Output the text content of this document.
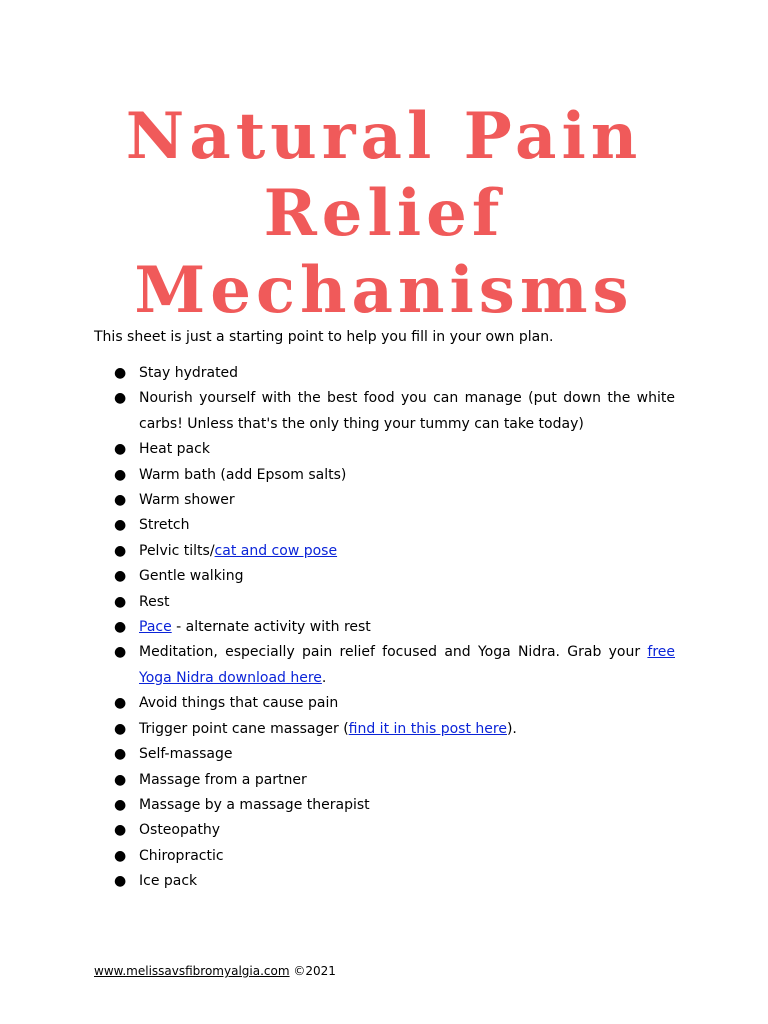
Natural Pain
Relief
Mechanisms

This sheet is just a starting point to help you fill in your own plan.

● Stay hydrated
● Nourish yourself with the best food you can manage (put down the white carbs! Unless that's the only thing your tummy can take today)
● Heat pack
● Warm bath (add Epsom salts)
● Warm shower
● Stretch
● Pelvic tilts/cat and cow pose
● Gentle walking
● Rest
● Pace - alternate activity with rest
● Meditation, especially pain relief focused and Yoga Nidra. Grab your free Yoga Nidra download here.
● Avoid things that cause pain
● Trigger point cane massager (find it in this post here).
● Self-massage
● Massage from a partner
● Massage by a massage therapist
● Osteopathy
● Chiropractic
● Ice pack
www.melissavsfibromyalgia.com ©2021
